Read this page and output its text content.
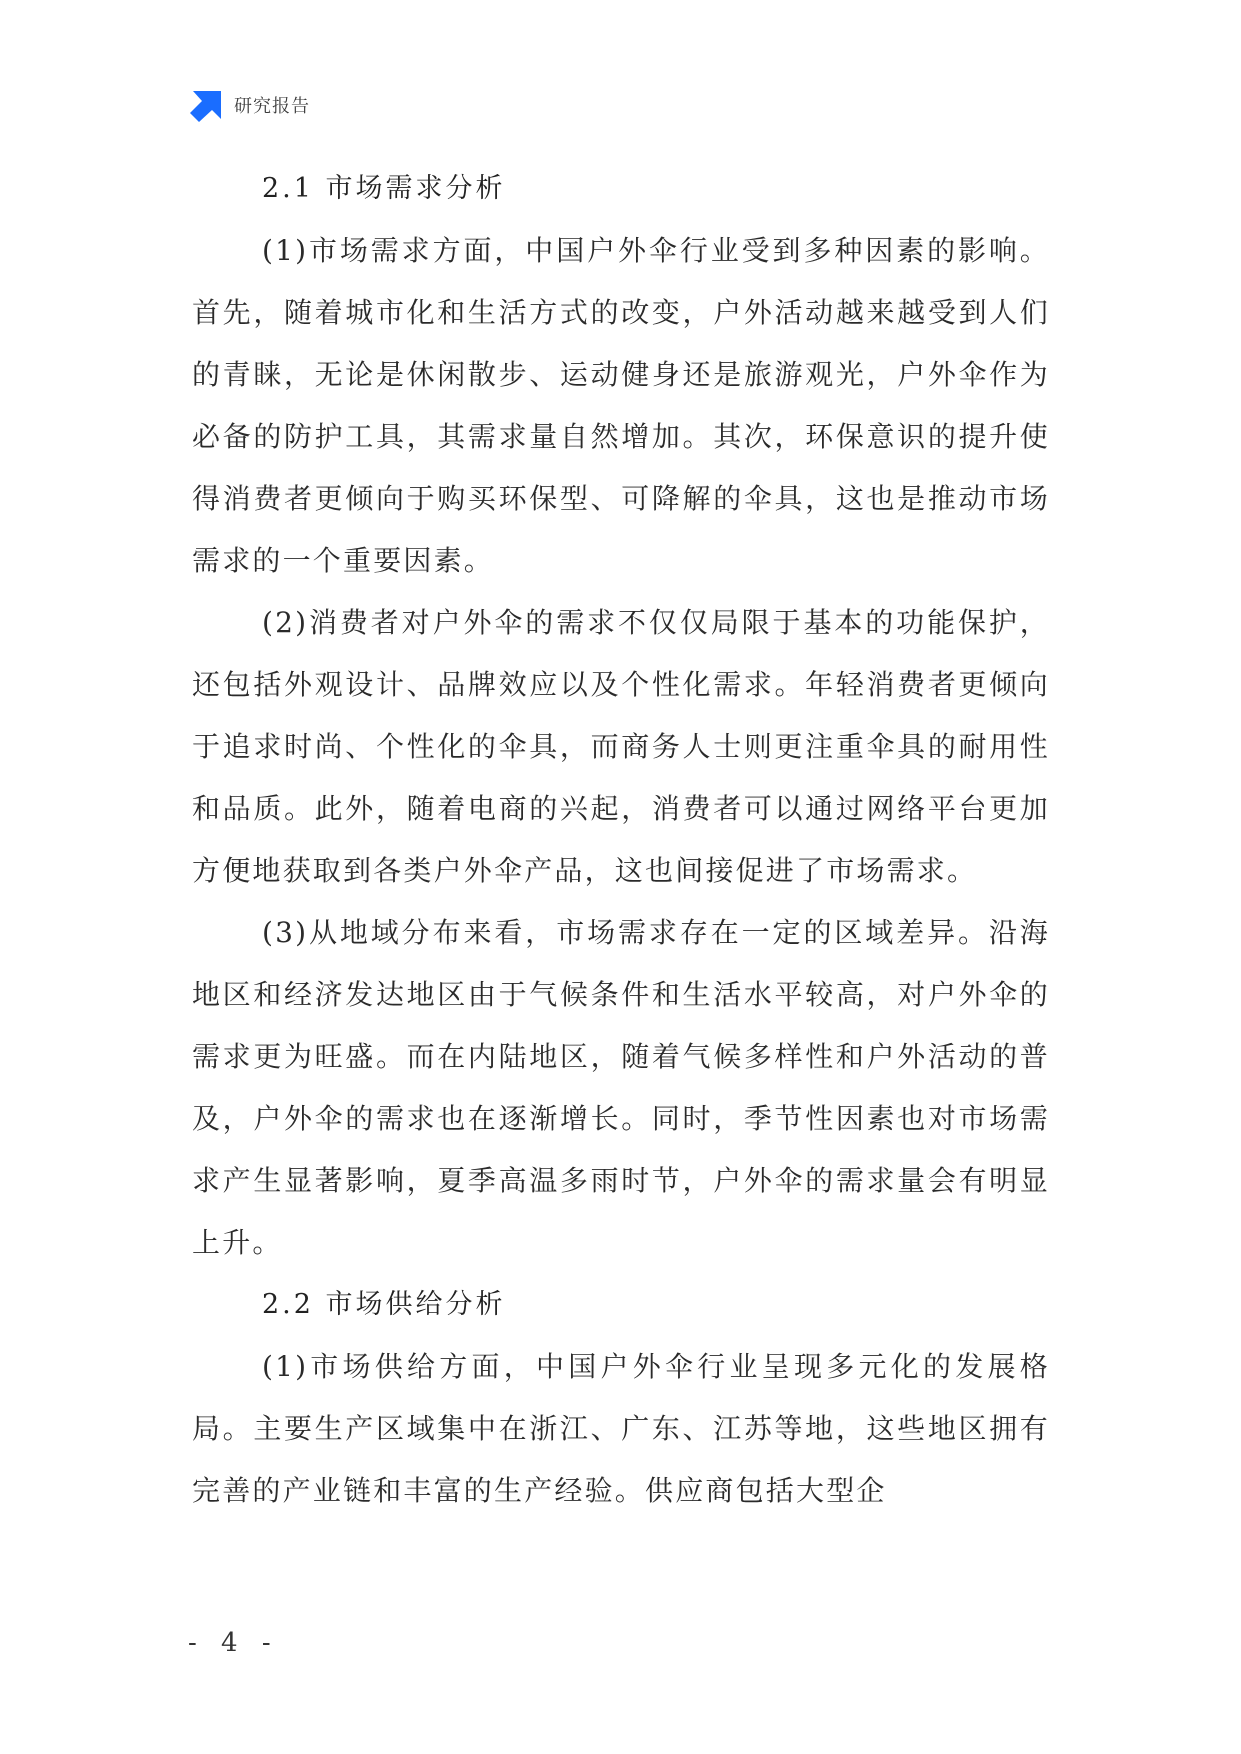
研究报告
2.1 市场需求分析

(1)市场需求方面，中国户外伞行业受到多种因素的影响。首先，随着城市化和生活方式的改变，户外活动越来越受到人们的青睐，无论是休闲散步、运动健身还是旅游观光，户外伞作为必备的防护工具，其需求量自然增加。其次，环保意识的提升使得消费者更倾向于购买环保型、可降解的伞具，这也是推动市场需求的一个重要因素。

(2)消费者对户外伞的需求不仅仅局限于基本的功能保护，还包括外观设计、品牌效应以及个性化需求。年轻消费者更倾向于追求时尚、个性化的伞具，而商务人士则更注重伞具的耐用性和品质。此外，随着电商的兴起，消费者可以通过网络平台更加方便地获取到各类户外伞产品，这也间接促进了市场需求。

(3)从地域分布来看，市场需求存在一定的区域差异。沿海地区和经济发达地区由于气候条件和生活水平较高，对户外伞的需求更为旺盛。而在内陆地区，随着气候多样性和户外活动的普及，户外伞的需求也在逐渐增长。同时，季节性因素也对市场需求产生显著影响，夏季高温多雨时节，户外伞的需求量会有明显上升。

2.2 市场供给分析

(1)市场供给方面，中国户外伞行业呈现多元化的发展格局。主要生产区域集中在浙江、广东、江苏等地，这些地区拥有完善的产业链和丰富的生产经验。供应商包括大型企

- 4 -
